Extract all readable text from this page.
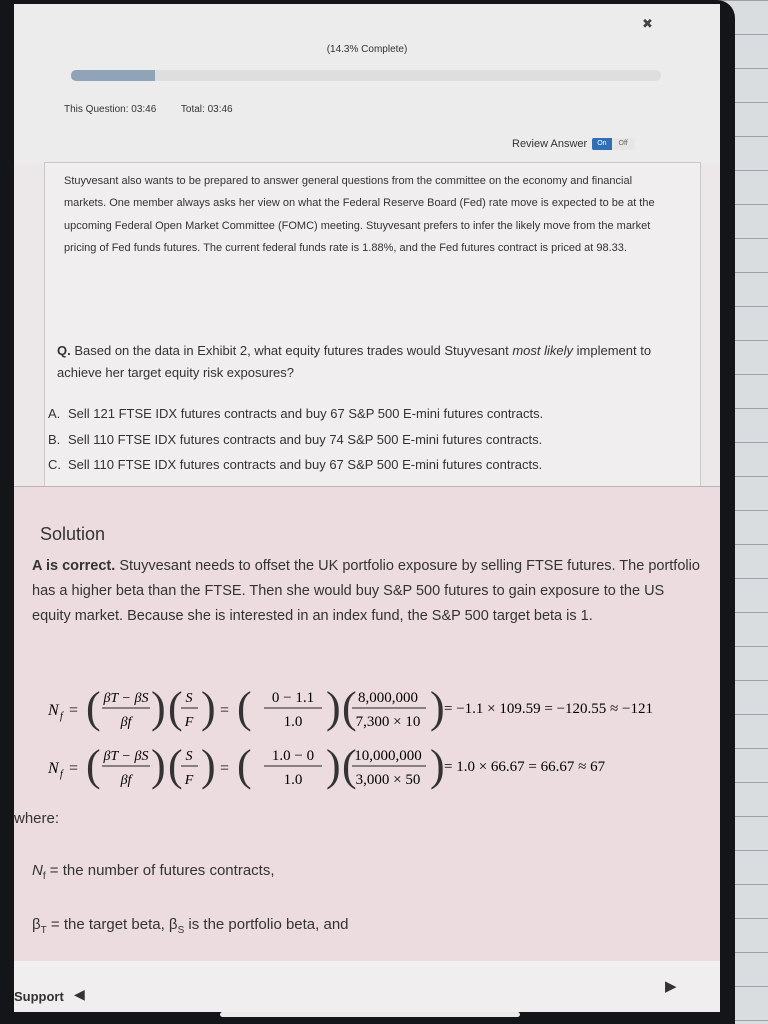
✖
(14.3% Complete)
This Question: 03:46 Total: 03:46
Review Answer	On	Off

Stuyvesant also wants to be prepared to answer general questions from the committee on the economy and financial markets. One member always asks her view on what the Federal Reserve Board (Fed) rate move is expected to be at the upcoming Federal Open Market Committee (FOMC) meeting. Stuyvesant prefers to infer the likely move from the market pricing of Fed funds futures. The current federal funds rate is 1.88%, and the Fed futures contract is priced at 98.33.

Q. Based on the data in Exhibit 2, what equity futures trades would Stuyvesant most likely implement to achieve her target equity risk exposures?

A. Sell 121 FTSE IDX futures contracts and buy 67 S&P 500 E-mini futures contracts.
B. Sell 110 FTSE IDX futures contracts and buy 74 S&P 500 E-mini futures contracts.
C. Sell 110 FTSE IDX futures contracts and buy 67 S&P 500 E-mini futures contracts.
Solution

A is correct. Stuyvesant needs to offset the UK portfolio exposure by selling FTSE futures. The portfolio has a higher beta than the FTSE. Then she would buy S&P 500 futures to gain exposure to the US equity market. Because she is interested in an index fund, the S&P 500 target beta is 1.

N f = ( βT − βS
βf ) ( S
F ) = ( 0 − 1.1
1.0 ) ( 8,000,000
7,300 × 10 ) = −1.1 × 109.59 = −120.55 ≈ −121
N f = ( βT − βS
βf ) ( S
F ) = ( 1.0 − 0
1.0 ) (
10,000,000
3,000 × 50 ) = 1.0 × 66.67 = 66.67 ≈ 67
where:
$N_f$ = the number of futures contracts,
$\beta_T$ = the target beta, $\beta_S$ is the portfolio beta, and
Support ◀	▶
